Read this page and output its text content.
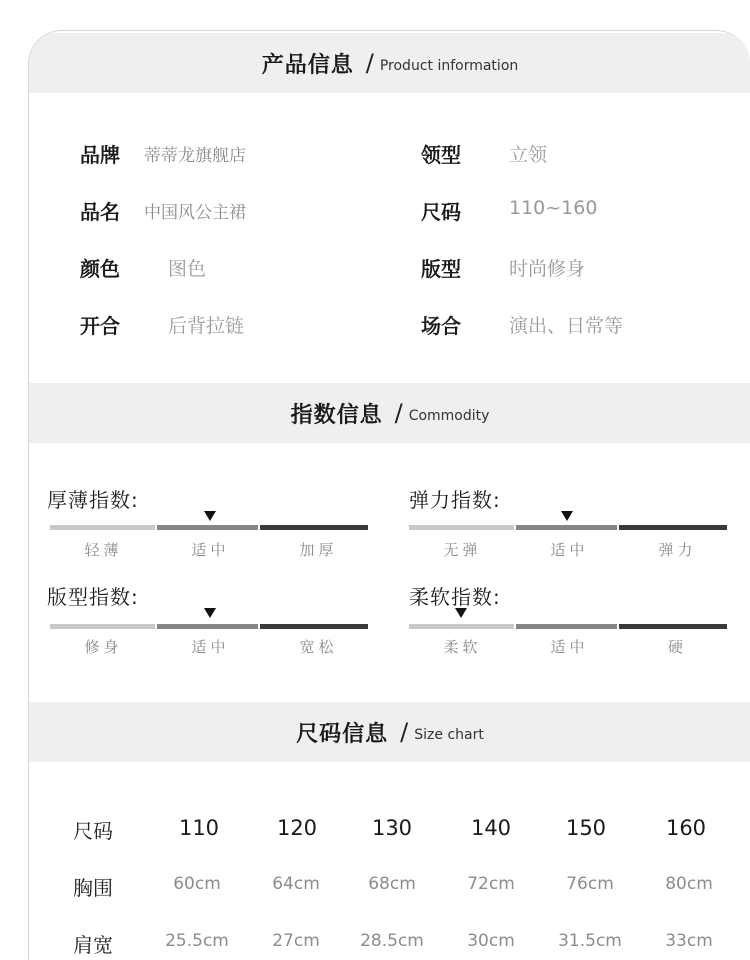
产品信息 / Product information
品牌 蒂蒂龙旗舰店	领型	立领
品名 中国风公主裙	尺码	110~160
颜色	图色	版型	时尚修身
开合	后背拉链	场合	演出、日常等
指数信息 / Commodity
厚薄指数:
轻薄	适中	加厚
弹力指数:
无弹	适中	弹力
版型指数:
修身	适中	宽松
柔软指数:
柔软	适中	硬
尺码信息 / Size chart
尺码	110	120	130	140	150	160
胸围	60cm	64cm	68cm	72cm	76cm	80cm
肩宽	25.5cm	27cm	28.5cm	30cm	31.5cm	33cm
